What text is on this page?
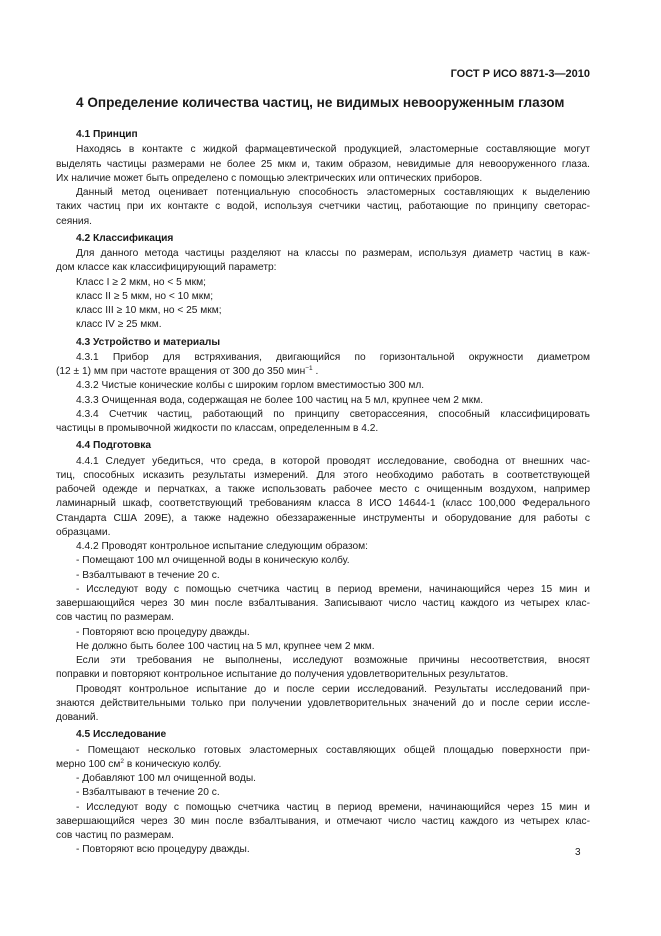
ГОСТ Р ИСО 8871-3—2010
4 Определение количества частиц, не видимых невооруженным глазом
4.1 Принцип
Находясь в контакте с жидкой фармацевтической продукцией, эластомерные составляющие могут
выделять частицы размерами не более 25 мкм и, таким образом, невидимые для невооруженного глаза.
Их наличие может быть определено с помощью электрических или оптических приборов.
Данный метод оценивает потенциальную способность эластомерных составляющих к выделению
таких частиц при их контакте с водой, используя счетчики частиц, работающие по принципу светорас-
сеяния.
4.2 Классификация
Для данного метода частицы разделяют на классы по размерам, используя диаметр частиц в каж-
дом классе как классифицирующий параметр:
Класс I ≥ 2 мкм, но < 5 мкм;
класс II ≥ 5 мкм, но < 10 мкм;
класс III ≥ 10 мкм, но < 25 мкм;
класс IV ≥ 25 мкм.
4.3 Устройство и материалы
4.3.1 Прибор для встряхивания, двигающийся по горизонтальной окружности диаметром
(12 ± 1) мм при частоте вращения от 300 до 350 мин$^{-1}$ .
4.3.2 Чистые конические колбы с широким горлом вместимостью 300 мл.
4.3.3 Очищенная вода, содержащая не более 100 частиц на 5 мл, крупнее чем 2 мкм.
4.3.4 Счетчик частиц, работающий по принципу светорассеяния, способный классифицировать
частицы в промывочной жидкости по классам, определенным в 4.2.
4.4 Подготовка
4.4.1 Следует убедиться, что среда, в которой проводят исследование, свободна от внешних час-
тиц, способных исказить результаты измерений. Для этого необходимо работать в соответствующей
рабочей одежде и перчатках, а также использовать рабочее место с очищенным воздухом, например
ламинарный шкаф, соответствующий требованиям класса 8 ИСО 14644-1 (класс 100,000 Федерального
Стандарта США 209Е), а также надежно обеззараженные инструменты и оборудование для работы с
образцами.
4.4.2 Проводят контрольное испытание следующим образом:
- Помещают 100 мл очищенной воды в коническую колбу.
- Взбалтывают в течение 20 с.
- Исследуют воду с помощью счетчика частиц в период времени, начинающийся через 15 мин и
завершающийся через 30 мин после взбалтывания. Записывают число частиц каждого из четырех клас-
сов частиц по размерам.
- Повторяют всю процедуру дважды.
Не должно быть более 100 частиц на 5 мл, крупнее чем 2 мкм.
Если эти требования не выполнены, исследуют возможные причины несоответствия, вносят
поправки и повторяют контрольное испытание до получения удовлетворительных результатов.
Проводят контрольное испытание до и после серии исследований. Результаты исследований при-
знаются действительными только при получении удовлетворительных значений до и после серии иссле-
дований.
4.5 Исследование
- Помещают несколько готовых эластомерных составляющих общей площадью поверхности при-
мерно 100 $см^2$ в коническую колбу.
- Добавляют 100 мл очищенной воды.
- Взбалтывают в течение 20 с.
- Исследуют воду с помощью счетчика частиц в период времени, начинающийся через 15 мин и
завершающийся через 30 мин после взбалтывания, и отмечают число частиц каждого из четырех клас-
сов частиц по размерам.
- Повторяют всю процедуру дважды.	3
